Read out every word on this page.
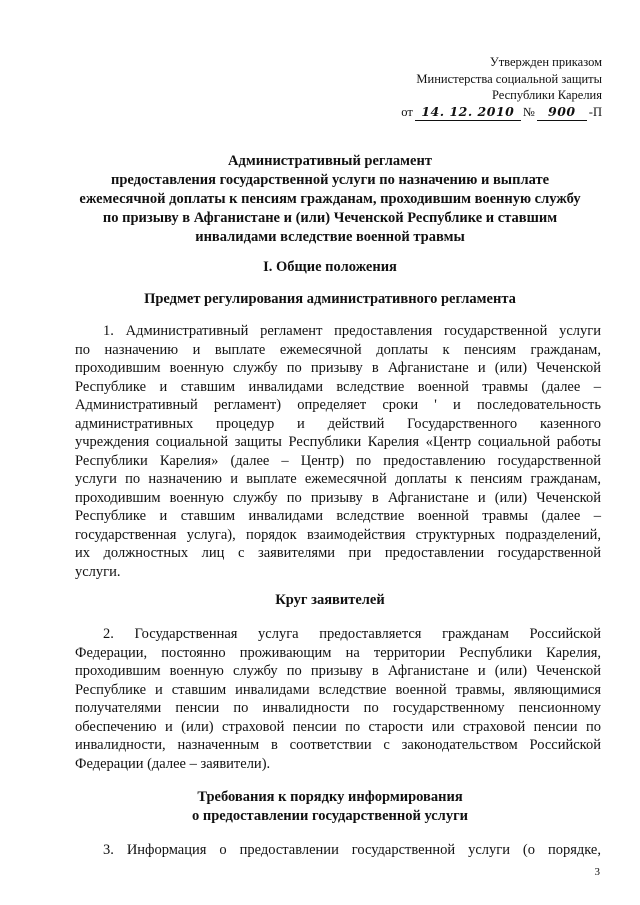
Утвержден приказом
Министерства социальной защиты
Республики Карелия
от 14. 12. 2010 №	900	-П
Административный регламент
предоставления государственной услуги по назначению и выплате
ежемесячной доплаты к пенсиям гражданам, проходившим военную службу
по призыву в Афганистане и (или) Чеченской Республике и ставшим
инвалидами вследствие военной травмы
I. Общие положения
Предмет регулирования административного регламента
1. Административный регламент предоставления государственной услуги
по назначению и выплате ежемесячной доплаты к пенсиям гражданам,
проходившим военную службу по призыву в Афганистане и (или) Чеченской
Республике и ставшим инвалидами вследствие военной травмы (далее –
Административный регламент) определяет сроки ' и последовательность
административных процедур и действий Государственного казенного
учреждения социальной защиты Республики Карелия «Центр социальной работы
Республики Карелия» (далее – Центр) по предоставлению государственной
услуги по назначению и выплате ежемесячной доплаты к пенсиям гражданам,
проходившим военную службу по призыву в Афганистане и (или) Чеченской
Республике и ставшим инвалидами вследствие военной травмы (далее –
государственная услуга), порядок взаимодействия структурных подразделений,
их должностных лиц с заявителями при предоставлении государственной
услуги.
Круг заявителей
2. Государственная услуга предоставляется гражданам Российской
Федерации, постоянно проживающим на территории Республики Карелия,
проходившим военную службу по призыву в Афганистане и (или) Чеченской
Республике и ставшим инвалидами вследствие военной травмы, являющимися
получателями пенсии по инвалидности по государственному пенсионному
обеспечению и (или) страховой пенсии по старости или страховой пенсии по
инвалидности, назначенным в соответствии с законодательством Российской
Федерации (далее – заявители).
Требования к порядку информирования
о предоставлении государственной услуги
3. Информация о предоставлении государственной услуги (о порядке,
3
